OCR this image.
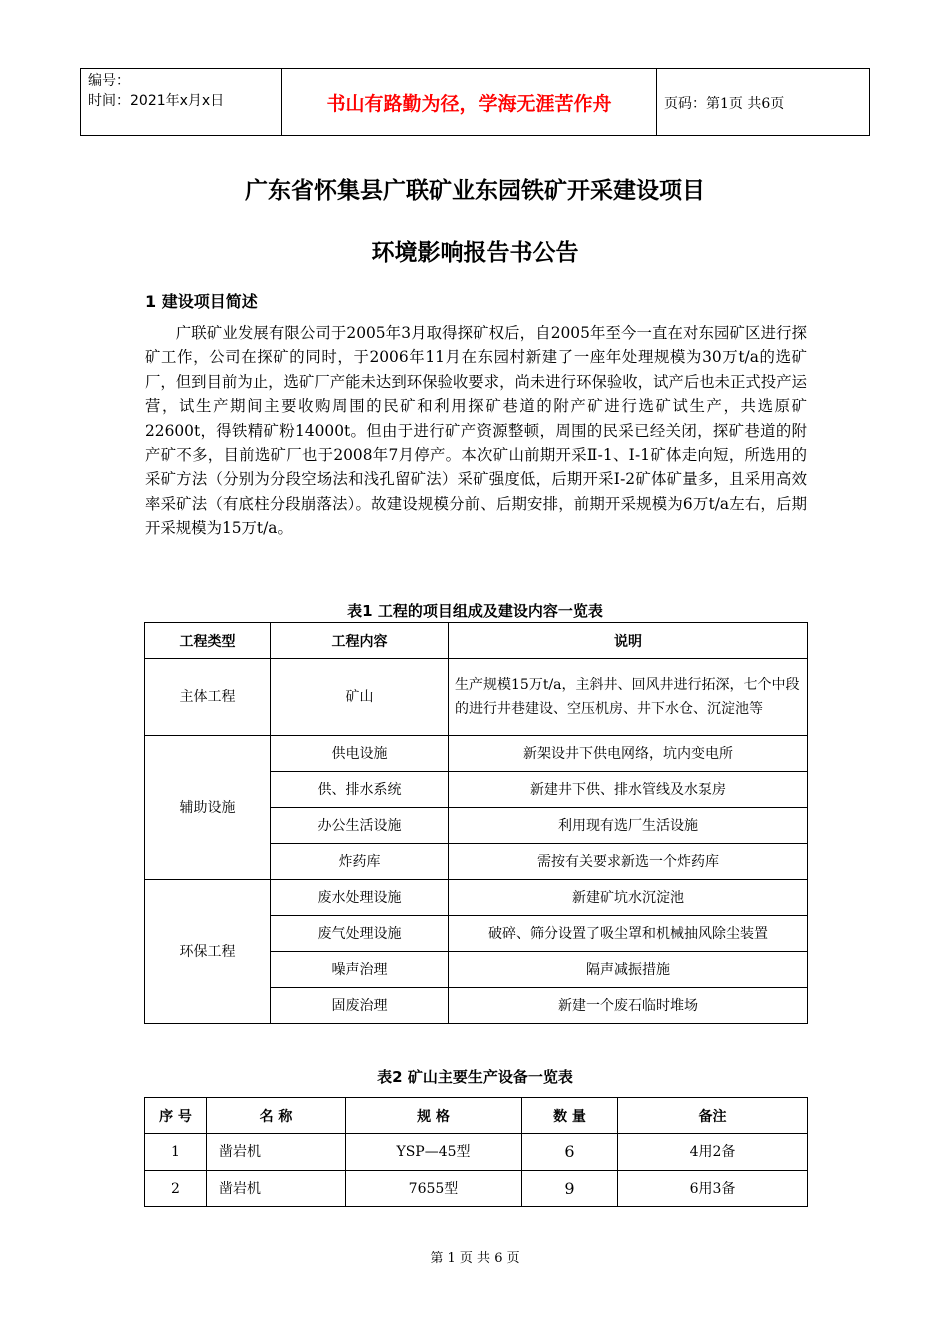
编号：
时间：2021年x月x日	书山有路勤为径，学海无涯苦作舟	页码：第1页 共6页
广东省怀集县广联矿业东园铁矿开采建设项目
环境影响报告书公告
1 建设项目简述

广联矿业发展有限公司于2005年3月取得探矿权后，自2005年至今一直在对东园矿区进行探矿工作，公司在探矿的同时，于2006年11月在东园村新建了一座年处理规模为30万t/a的选矿厂，但到目前为止，选矿厂产能未达到环保验收要求，尚未进行环保验收，试产后也未正式投产运营，试生产期间主要收购周围的民矿和利用探矿巷道的附产矿进行选矿试生产，共选原矿22600t，得铁精矿粉14000t。但由于进行矿产资源整顿，周围的民采已经关闭，探矿巷道的附产矿不多，目前选矿厂也于2008年7月停产。本次矿山前期开采Ⅱ-1、Ⅰ-1矿体走向短，所选用的采矿方法（分别为分段空场法和浅孔留矿法）采矿强度低，后期开采Ⅰ-2矿体矿量多，且采用高效率采矿法（有底柱分段崩落法）。故建设规模分前、后期安排，前期开采规模为6万t/a左右，后期开采规模为15万t/a。

表1 工程的项目组成及建设内容一览表
工程类型	工程内容	说明
主体工程	矿山	生产规模15万t/a，主斜井、回风井进行拓深，七个中段的进行井巷建设、空压机房、井下水仓、沉淀池等
辅助设施	供电设施	新架设井下供电网络，坑内变电所
	供、排水系统	新建井下供、排水管线及水泵房
	办公生活设施	利用现有选厂生活设施
	炸药库	需按有关要求新选一个炸药库
环保工程	废水处理设施	新建矿坑水沉淀池
	废气处理设施	破碎、筛分设置了吸尘罩和机械抽风除尘装置
	噪声治理	隔声减振措施
	固废治理	新建一个废石临时堆场
表2 矿山主要生产设备一览表
序 号	名 称	规 格	数 量	备注
1	凿岩机	YSP—45型	6	4用2备
2	凿岩机	7655型	9	6用3备
第 1 页 共 6 页
